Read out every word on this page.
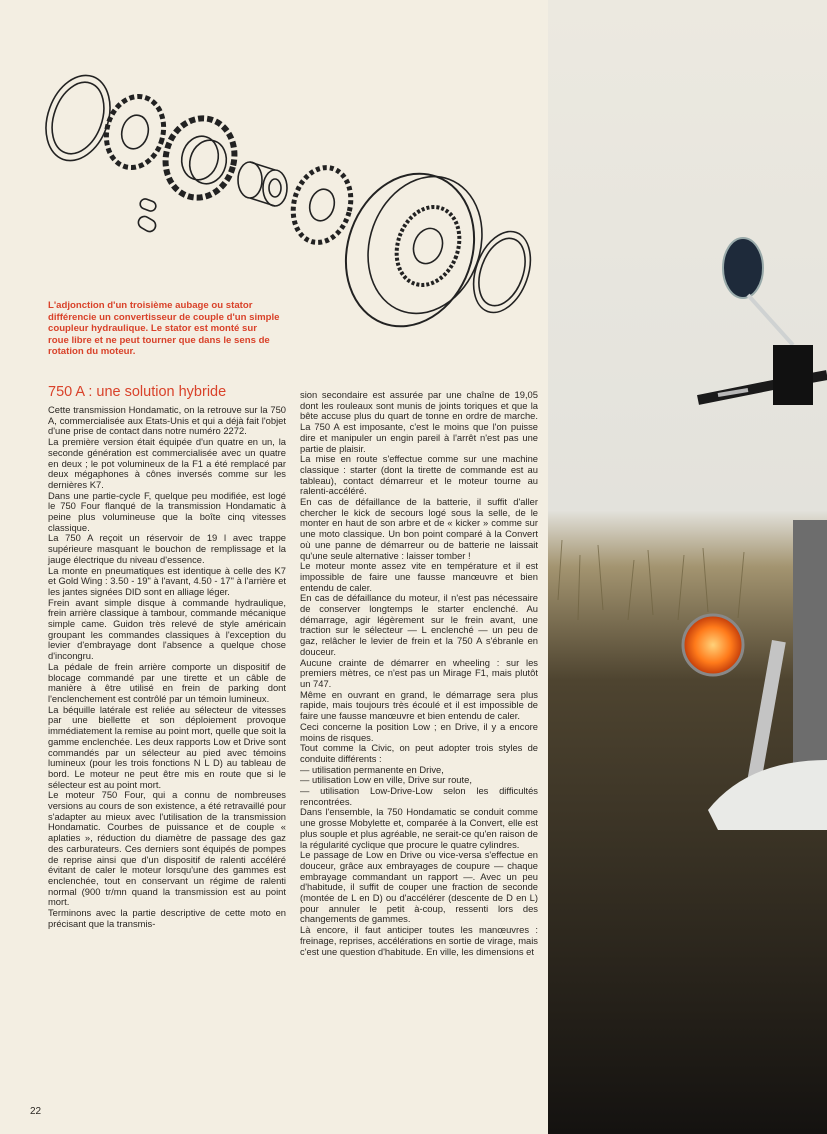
L'adjonction d'un troisième aubage ou stator différencie un convertisseur de couple d'un simple coupleur hydraulique. Le stator est monté sur roue libre et ne peut tourner que dans le sens de rotation du moteur.
750 A : une solution hybride

Cette transmission Hondamatic, on la retrouve sur la 750 A, commercialisée aux Etats-Unis et qui a déjà fait l'objet d'une prise de contact dans notre numéro 2272.

La première version était équipée d'un quatre en un, la seconde génération est commercialisée avec un quatre en deux ; le pot volumineux de la F1 a été remplacé par deux mégaphones à cônes inversés comme sur les dernières K7.

Dans une partie-cycle F, quelque peu modifiée, est logé le 750 Four flanqué de la transmission Hondamatic à peine plus volumineuse que la boîte cinq vitesses classique.

La 750 A reçoit un réservoir de 19 l avec trappe supérieure masquant le bouchon de remplissage et la jauge électrique du niveau d'essence.

La monte en pneumatiques est identique à celle des K7 et Gold Wing : 3.50 - 19" à l'avant, 4.50 - 17" à l'arrière et les jantes signées DID sont en alliage léger.

Frein avant simple disque à commande hydraulique, frein arrière classique à tambour, commande mécanique simple came. Guidon très relevé de style américain groupant les commandes classiques à l'exception du levier d'embrayage dont l'absence a quelque chose d'incongru.

La pédale de frein arrière comporte un dispositif de blocage commandé par une tirette et un câble de manière à être utilisé en frein de parking dont l'enclenchement est contrôlé par un témoin lumineux.

La béquille latérale est reliée au sélecteur de vitesses par une biellette et son déploiement provoque immédiatement la remise au point mort, quelle que soit la gamme enclenchée. Les deux rapports Low et Drive sont commandés par un sélecteur au pied avec témoins lumineux (pour les trois fonctions N L D) au tableau de bord. Le moteur ne peut être mis en route que si le sélecteur est au point mort.

Le moteur 750 Four, qui a connu de nombreuses versions au cours de son existence, a été retravaillé pour s'adapter au mieux avec l'utilisation de la transmission Hondamatic. Courbes de puissance et de couple « aplaties », réduction du diamètre de passage des gaz des carburateurs. Ces derniers sont équipés de pompes de reprise ainsi que d'un dispositif de ralenti accéléré évitant de caler le moteur lorsqu'une des gammes est enclenchée, tout en conservant un régime de ralenti normal (900 tr/mn quand la transmission est au point mort.

Terminons avec la partie descriptive de cette moto en précisant que la transmis-

sion secondaire est assurée par une chaîne de 19,05 dont les rouleaux sont munis de joints toriques et que la bête accuse plus du quart de tonne en ordre de marche. La 750 A est imposante, c'est le moins que l'on puisse dire et manipuler un engin pareil à l'arrêt n'est pas une partie de plaisir.

La mise en route s'effectue comme sur une machine classique : starter (dont la tirette de commande est au tableau), contact démarreur et le moteur tourne au ralenti-accéléré.

En cas de défaillance de la batterie, il suffit d'aller chercher le kick de secours logé sous la selle, de le monter en haut de son arbre et de « kicker » comme sur une moto classique. Un bon point comparé à la Convert où une panne de démarreur ou de batterie ne laissait qu'une seule alternative : laisser tomber !

Le moteur monte assez vite en température et il est impossible de faire une fausse manœuvre et bien entendu de caler.

En cas de défaillance du moteur, il n'est pas nécessaire de conserver longtemps le starter enclenché. Au démarrage, agir légèrement sur le frein avant, une traction sur le sélecteur — L enclenché — un peu de gaz, relâcher le levier de frein et la 750 A s'ébranle en douceur.

Aucune crainte de démarrer en wheeling : sur les premiers mètres, ce n'est pas un Mirage F1, mais plutôt un 747.

Même en ouvrant en grand, le démarrage sera plus rapide, mais toujours très écoulé et il est impossible de faire une fausse manœuvre et bien entendu de caler.

Ceci concerne la position Low ; en Drive, il y a encore moins de risques.

Tout comme la Civic, on peut adopter trois styles de conduite différents :

— utilisation permanente en Drive,

— utilisation Low en ville, Drive sur route,

— utilisation Low-Drive-Low selon les difficultés rencontrées.

Dans l'ensemble, la 750 Hondamatic se conduit comme une grosse Mobylette et, comparée à la Convert, elle est plus souple et plus agréable, ne serait-ce qu'en raison de la régularité cyclique que procure le quatre cylindres.

Le passage de Low en Drive ou vice-versa s'effectue en douceur, grâce aux embrayages de coupure — chaque embrayage commandant un rapport —. Avec un peu d'habitude, il suffit de couper une fraction de seconde (montée de L en D) ou d'accélérer (descente de D en L) pour annuler le petit à-coup, ressenti lors des changements de gammes.

Là encore, il faut anticiper toutes les manœuvres : freinage, reprises, accélérations en sortie de virage, mais c'est une question d'habitude. En ville, les dimensions et

22
